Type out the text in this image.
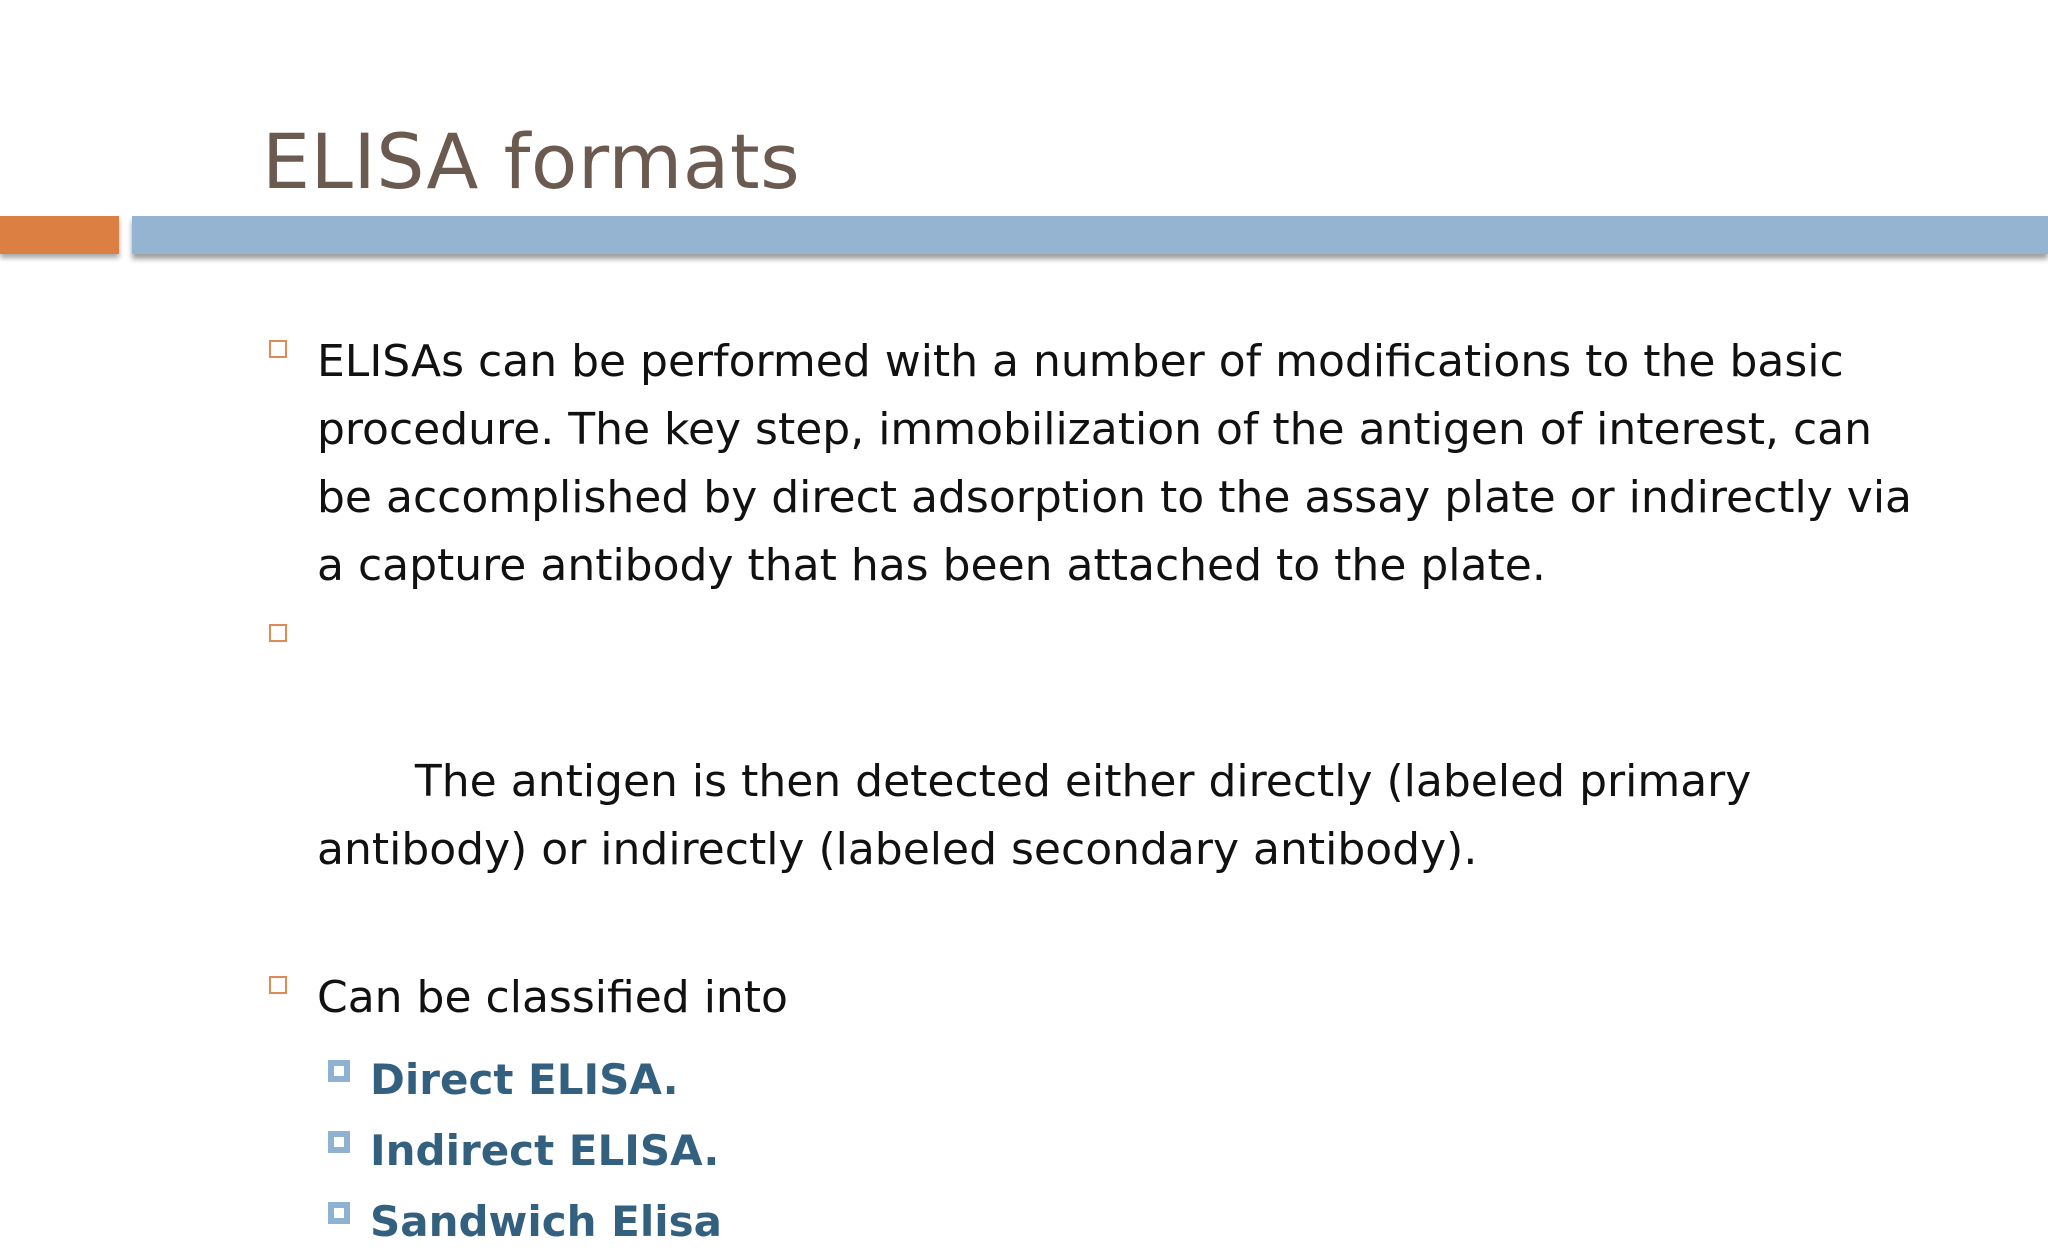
ELISA formats
ELISAs can be performed with a number of modifications to the basic procedure. The key step, immobilization of the antigen of interest, can be accomplished by direct adsorption to the assay plate or indirectly via a capture antibody that has been attached to the plate.

The antigen is then detected either directly (labeled primary antibody) or indirectly (labeled secondary antibody).

Can be classified into
Direct ELISA.
Indirect ELISA.
Sandwich Elisa
